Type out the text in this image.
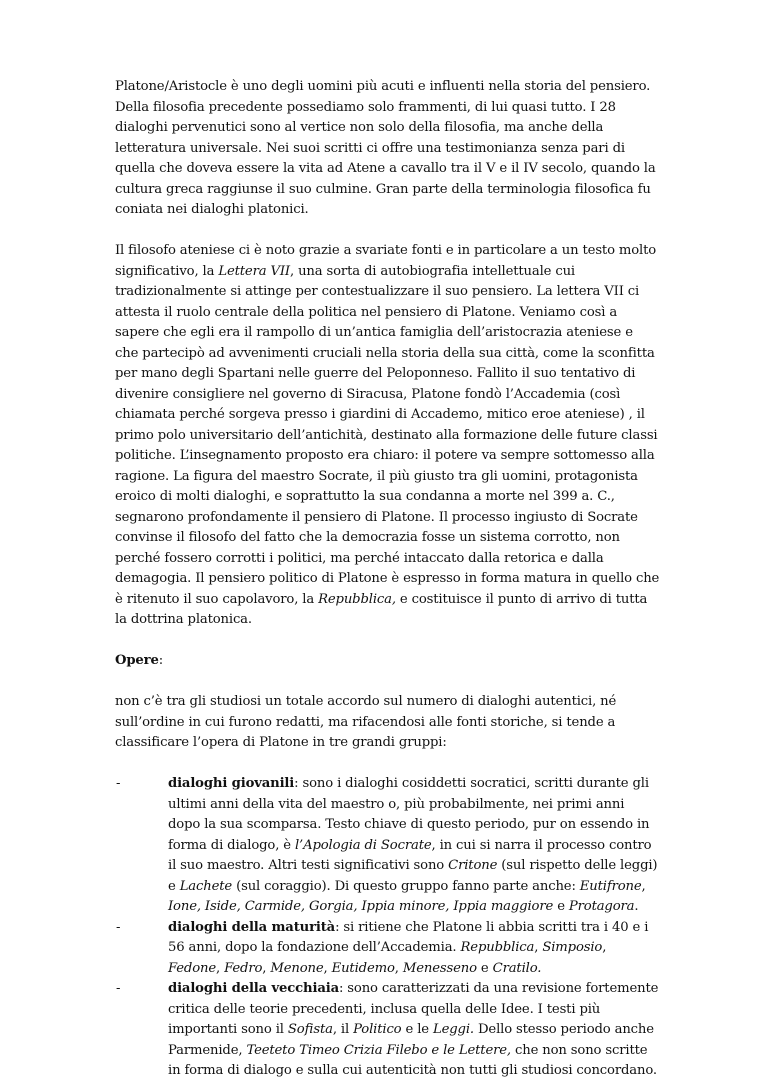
Platone/Aristocle è uno degli uomini più acuti e influenti nella storia del pensiero. Della filosofia precedente possediamo solo frammenti, di lui quasi tutto. I 28 dialoghi pervenutici sono al vertice non solo della filosofia, ma anche della letteratura universale. Nei suoi scritti ci offre una testimonianza senza pari di quella che doveva essere la vita ad Atene a cavallo tra il V e il IV secolo, quando la cultura greca raggiunse il suo culmine. Gran parte della terminologia filosofica fu coniata nei dialoghi platonici.

Il filosofo ateniese ci è noto grazie a svariate fonti e in particolare a un testo molto significativo, la Lettera VII, una sorta di autobiografia intellettuale cui tradizionalmente si attinge per contestualizzare il suo pensiero. La lettera VII ci attesta il ruolo centrale della politica nel pensiero di Platone. Veniamo così a sapere che egli era il rampollo di un’antica famiglia dell’aristocrazia ateniese e che partecipò ad avvenimenti cruciali nella storia della sua città, come la sconfitta per mano degli Spartani nelle guerre del Peloponneso. Fallito il suo tentativo di divenire consigliere nel governo di Siracusa, Platone fondò l’Accademia (così chiamata perché sorgeva presso i giardini di Accademo, mitico eroe ateniese) , il primo polo universitario dell’antichità, destinato alla formazione delle future classi politiche. L’insegnamento proposto era chiaro: il potere va sempre sottomesso alla ragione. La figura del maestro Socrate, il più giusto tra gli uomini, protagonista eroico di molti dialoghi, e soprattutto la sua condanna a morte nel 399 a. C., segnarono profondamente il pensiero di Platone. Il processo ingiusto di Socrate convinse il filosofo del fatto che la democrazia fosse un sistema corrotto, non perché fossero corrotti i politici, ma perché intaccato dalla retorica e dalla demagogia. Il pensiero politico di Platone è espresso in forma matura in quello che è ritenuto il suo capolavoro, la Repubblica, e costituisce il punto di arrivo di tutta la dottrina platonica.

Opere:

non c’è tra gli studiosi un totale accordo sul numero di dialoghi autentici, né sull’ordine in cui furono redatti, ma rifacendosi alle fonti storiche, si tende a classificare l’opera di Platone in tre grandi gruppi:

-	dialoghi giovanili: sono i dialoghi cosiddetti socratici, scritti durante gli ultimi anni della vita del maestro o, più probabilmente, nei primi anni dopo la sua scomparsa. Testo chiave di questo periodo, pur on essendo in forma di dialogo, è l’Apologia di Socrate, in cui si narra il processo contro il suo maestro. Altri testi significativi sono Critone (sul rispetto delle leggi) e Lachete (sul coraggio). Di questo gruppo fanno parte anche: Eutifrone, Ione, Iside, Carmide, Gorgia, Ippia minore, Ippia maggiore e Protagora.
-	dialoghi della maturità: si ritiene che Platone li abbia scritti tra i 40 e i 56 anni, dopo la fondazione dell’Accademia. Repubblica, Simposio, Fedone, Fedro, Menone, Eutidemo, Menesseno e Cratilo.
-	dialoghi della vecchiaia: sono caratterizzati da una revisione fortemente critica delle teorie precedenti, inclusa quella delle Idee. I testi più importanti sono il Sofista, il Politico e le Leggi. Dello stesso periodo anche Parmenide, Teeteto Timeo Crizia Filebo e le Lettere, che non sono scritte in forma di dialogo e sulla cui autenticità non tutti gli studiosi concordano.
